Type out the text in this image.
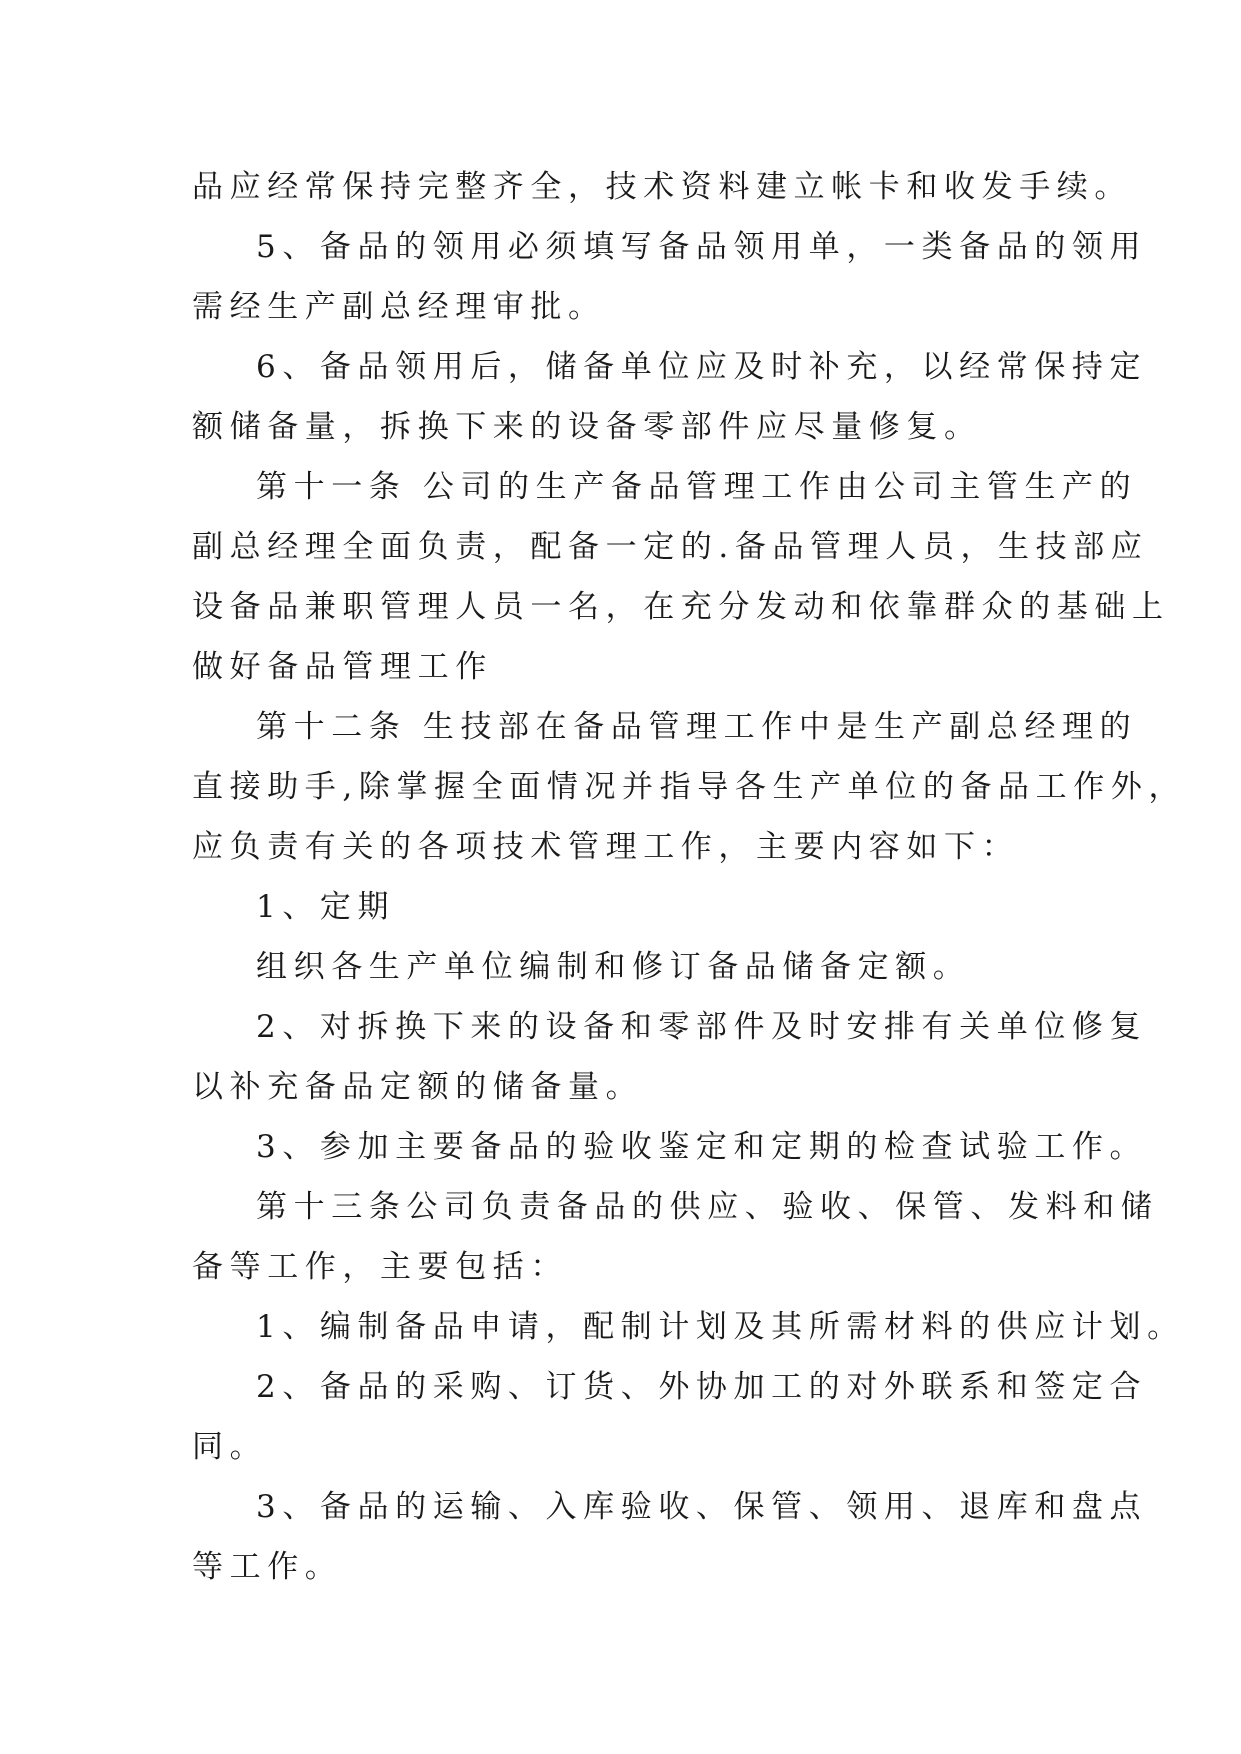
品应经常保持完整齐全，技术资料建立帐卡和收发手续。
5、备品的领用必须填写备品领用单，一类备品的领用
需经生产副总经理审批。
6、备品领用后，储备单位应及时补充，以经常保持定
额储备量，拆换下来的设备零部件应尽量修复。
第十一条 公司的生产备品管理工作由公司主管生产的
副总经理全面负责，配备一定的.备品管理人员，生技部应
设备品兼职管理人员一名，在充分发动和依靠群众的基础上
做好备品管理工作
第十二条 生技部在备品管理工作中是生产副总经理的
直接助手,除掌握全面情况并指导各生产单位的备品工作外，
应负责有关的各项技术管理工作，主要内容如下：
1、定期
组织各生产单位编制和修订备品储备定额。
2、对拆换下来的设备和零部件及时安排有关单位修复
以补充备品定额的储备量。
3、参加主要备品的验收鉴定和定期的检查试验工作。
第十三条公司负责备品的供应、验收、保管、发料和储
备等工作，主要包括：
1、编制备品申请，配制计划及其所需材料的供应计划。
2、备品的采购、订货、外协加工的对外联系和签定合
同。
3、备品的运输、入库验收、保管、领用、退库和盘点
等工作。
